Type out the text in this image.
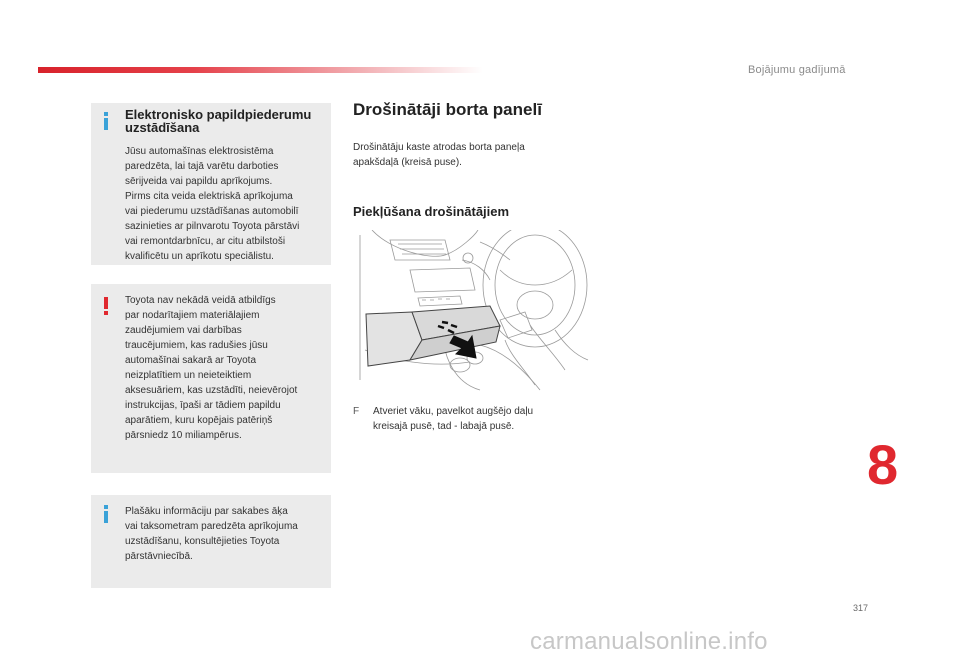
Bojājumu gadījumā
8
Elektronisko papildpiederumu
uzstādīšana
Jūsu automašīnas elektrosistēma
paredzēta, lai tajā varētu darboties
sērijveida vai papildu aprīkojums.
Pirms cita veida elektriskā aprīkojuma
vai piederumu uzstādīšanas automobilī
sazinieties ar pilnvarotu Toyota pārstāvi
vai remontdarbnīcu, ar citu atbilstoši
kvalificētu un aprīkotu speciālistu.
Toyota nav nekādā veidā atbildīgs
par nodarītajiem materiālajiem
zaudējumiem vai darbības
traucējumiem, kas radušies jūsu
automašīnai sakarā ar Toyota
neizplatītiem un neieteiktiem
aksesuāriem, kas uzstādīti, neievērojot
instrukcijas, īpaši ar tādiem papildu
aparātiem, kuru kopējais patēriņš
pārsniedz 10 miliampērus.
Plašāku informāciju par sakabes āķa
vai taksometram paredzēta aprīkojuma
uzstādīšanu, konsultējieties Toyota
pārstāvniecībā.
Drošinātāji borta panelī
Drošinātāju kaste atrodas borta paneļa
apakšdaļā (kreisā puse).
Piekļūšana drošinātājiem
F Atveriet vāku, pavelkot augšējo daļu
kreisajā pusē, tad - labajā pusē.
317
carmanualsonline.info
